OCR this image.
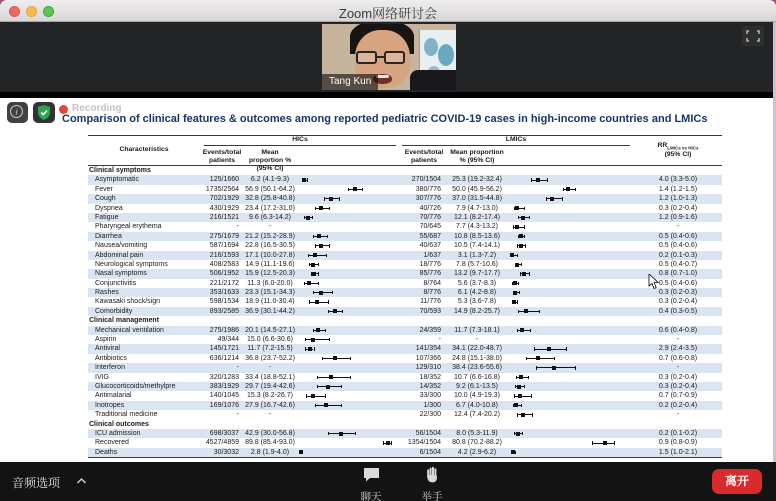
Zoom网络研讨会
Tang Kun
i	Recording
Comparison of clinical features & outcomes among reported pediatric COVID-19 cases in high-income countries and LMICs
Characteristics
HICs	LMICs
Events/total patients
Mean proportion % (95% CI)
Events/total patients
Mean proportion % (95% CI)
$RR_{LMICs vs HICs}$
(95% CI)
Clinical symptoms
Asymptomatic	125/1660	6.2 (4.1-9.3)	270/1504	25.3 (19.2-32.4)	4.0 (3.3-5.0)
Fever	1735/2564 56.9 (50.1-64.2)	380/776	50.0 (45.9-56.2)	1.4 (1.2-1.5)
Cough	702/1929 32.8 (25.8-40.8)	307/776	37.0 (31.5-44.8)	1.2 (1.0-1.3)
Dyspnea	430/1929 23.4 (17.2-31.0)	40/726	7.9 (4.7-13.0)	0.3 (0.2-0.4)
Fatigue	216/1521	9.6 (6.3-14.2)	70/776	12.1 (8.2-17.4)	1.2 (0.9-1.6)
Pharyngeal erythema	-	-	70/645	7.7 (4.3-13.2)	-
Diarrhea	275/1679 21.2 (15.2-28.9)	55/687	10.8 (8.5-13.6)	0.5 (0.4-0.6)
Nausea/vomiting	587/1694 22.8 (16.5-30.5)	40/637	10.5 (7.4-14.1)	0.5 (0.4-0.6)
Abdominal pain	216/1593 17.1 (10.0-27.8)	1/637	3.1 (1.3-7.2)	0.2 (0.1-0.3)
Neurological symptoms	408/2583 14.9 (11.1-19.6)	18/776	7.8 (5.7-10.6)	0.5 (0.4-0.7)
Nasal symptoms	506/1952 15.9 (12.5-20.3)	85/776	13.2 (9.7-17.7)	0.8 (0.7-1.0)
Conjunctivitis	221/2172	11.3 (6.0-20.0)	8/764	5.6 (3.7-8.3)	0.5 (0.4-0.6)
Rashes	353/1633 23.3 (15.1-34.3)	8/776	6.1 (4.2-8.8)	0.3 (0.2-0.3)
Kawasaki shock/sign	598/1534 18.9 (11.0-30.4)	11/776	5.3 (3.6-7.8)	0.3 (0.2-0.4)
Comorbidity	893/2585 36.9 (30.1-44.2)	70/593	14.9 (8.2-25.7)	0.4 (0.3-0.5)
Clinical management
Mechanical ventilation	275/1986 20.1 (14.5-27.1)	24/359	11.7 (7.3-18.1)	0.6 (0.4-0.8)
Aspirin	49/344	15.0 (6.6-30.6)	-	-	-
Antiviral	145/1721	11.7 (7.2-15.5)	141/354	34.1 (22.0-48.7)	2.9 (2.4-3.5)
Antibiotics	636/1214 36.8 (23.7-52.2)	107/366	24.8 (15.1-38.0)	0.7 (0.6-0.8)
Interferon	-	-	129/310	38.4 (23.6-55.6)	-
IVIG	320/1283 33.4 (18.8-52.1)	18/352	10.7 (6.6-16.8)	0.3 (0.2-0.4)
Glucocorticoids/methylpre	383/1929 29.7 (19.4-42.6)	14/352	9.2 (6.1-13.5)	0.3 (0.2-0.4)
Antimalarial	140/1045	15.3 (8.2-26.7)	33/300	10.0 (4.9-19.3)	0.7 (0.7-0.9)
Inotropes	169/1076 27.9 (16.7-42.6)	1/300	6.7 (4.0-10.8)	0.2 (0.2-0.4)
Traditional medicine	-	-	22/300	12.4 (7.4-20.2)	-
Clinical outcomes
ICU admission	698/3037 42.9 (30.0-56.8)	56/1504	8.0 (5.3-11.9)	0.2 (0.1-0.2)
Recovered	4527/4859 89.8 (85.4-93.0)	1354/1504	80.8 (70.2-88.2)	0.9 (0.8-0.9)
Deaths	30/3032	2.8 (1.9-4.0)	6/1504	4.2 (2.9-6.2)	1.5 (1.0-2.1)
音频选项
聊天	举手
离开
